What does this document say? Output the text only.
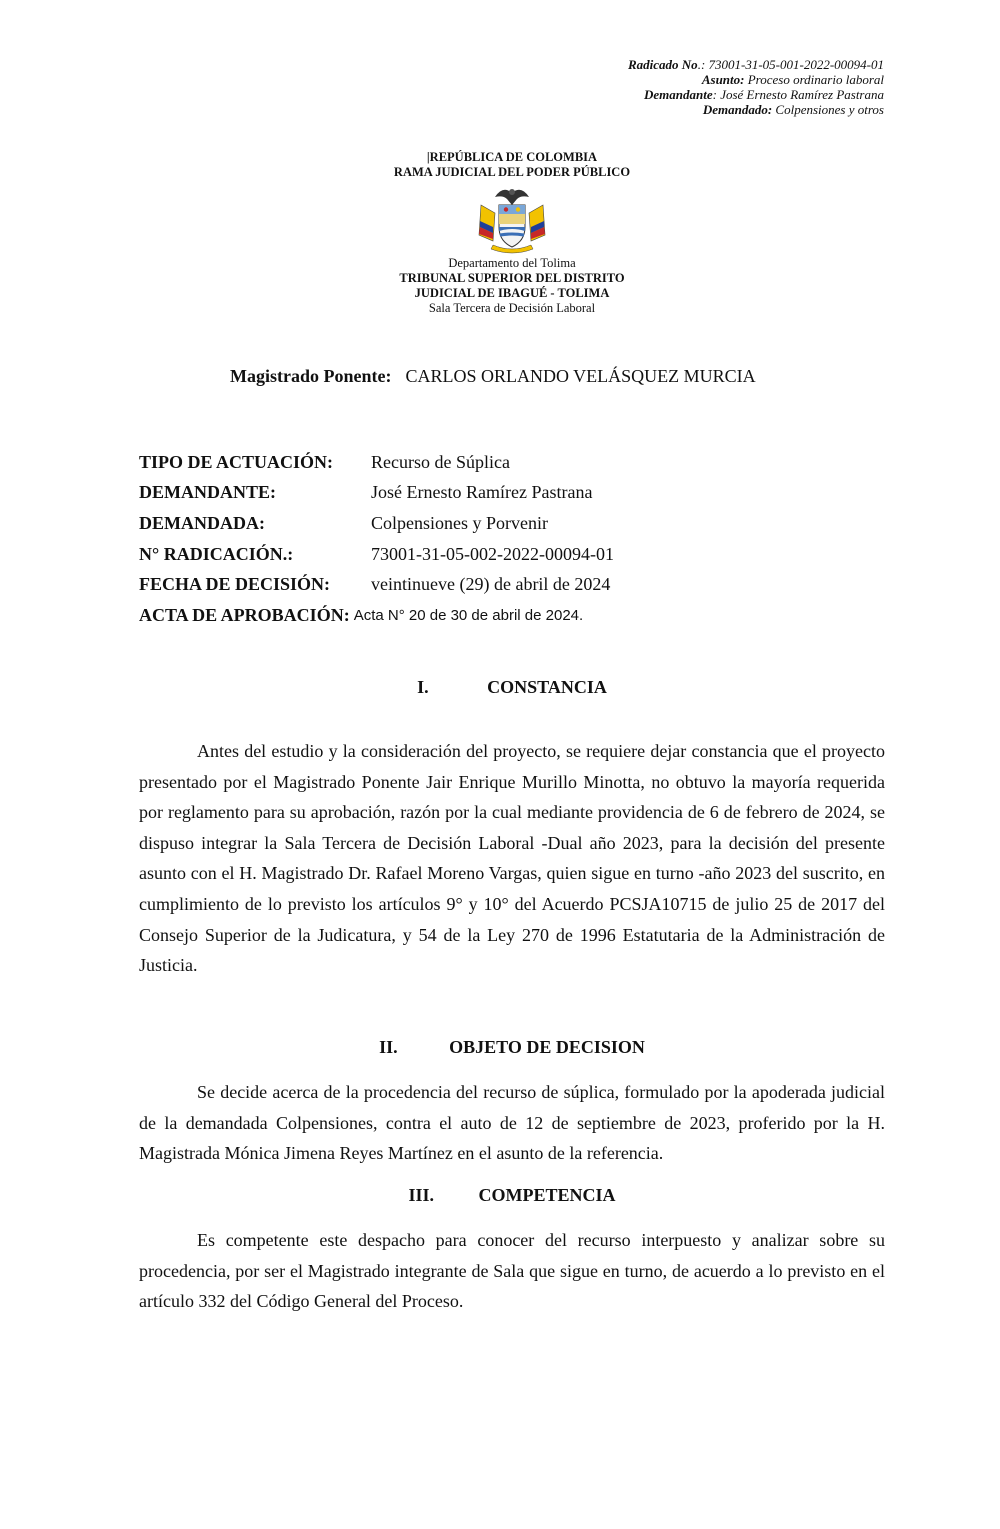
Radicado No.: 73001-31-05-001-2022-00094-01
Asunto: Proceso ordinario laboral
Demandante: José Ernesto Ramírez Pastrana
Demandado: Colpensiones y otros
|REPÚBLICA DE COLOMBIA
RAMA JUDICIAL DEL PODER PÚBLICO
Departamento del Tolima
TRIBUNAL SUPERIOR DEL DISTRITO
JUDICIAL DE IBAGUÉ - TOLIMA
Sala Tercera de Decisión Laboral
Magistrado Ponente: CARLOS ORLANDO VELÁSQUEZ MURCIA
TIPO DE ACTUACIÓN:	Recurso de Súplica
DEMANDANTE:	José Ernesto Ramírez Pastrana
DEMANDADA:	Colpensiones y Porvenir
N° RADICACIÓN.:	73001-31-05-002-2022-00094-01
FECHA DE DECISIÓN:	veintinueve (29) de abril de 2024
ACTA DE APROBACIÓN: Acta N° 20 de 30 de abril de 2024.
I.	CONSTANCIA

Antes del estudio y la consideración del proyecto, se requiere dejar constancia que el proyecto presentado por el Magistrado Ponente Jair Enrique Murillo Minotta, no obtuvo la mayoría requerida por reglamento para su aprobación, razón por la cual mediante providencia de 6 de febrero de 2024, se dispuso integrar la Sala Tercera de Decisión Laboral -Dual año 2023, para la decisión del presente asunto con el H. Magistrado Dr. Rafael Moreno Vargas, quien sigue en turno -año 2023 del suscrito, en cumplimiento de lo previsto los artículos 9° y 10° del Acuerdo PCSJA10715 de julio 25 de 2017 del Consejo Superior de la Judicatura, y 54 de la Ley 270 de 1996 Estatutaria de la Administración de Justicia.

II.	OBJETO DE DECISION

Se decide acerca de la procedencia del recurso de súplica, formulado por la apoderada judicial de la demandada Colpensiones, contra el auto de 12 de septiembre de 2023, proferido por la H. Magistrada Mónica Jimena Reyes Martínez en el asunto de la referencia.

III. COMPETENCIA

Es competente este despacho para conocer del recurso interpuesto y analizar sobre su procedencia, por ser el Magistrado integrante de Sala que sigue en turno, de acuerdo a lo previsto en el artículo 332 del Código General del Proceso.
